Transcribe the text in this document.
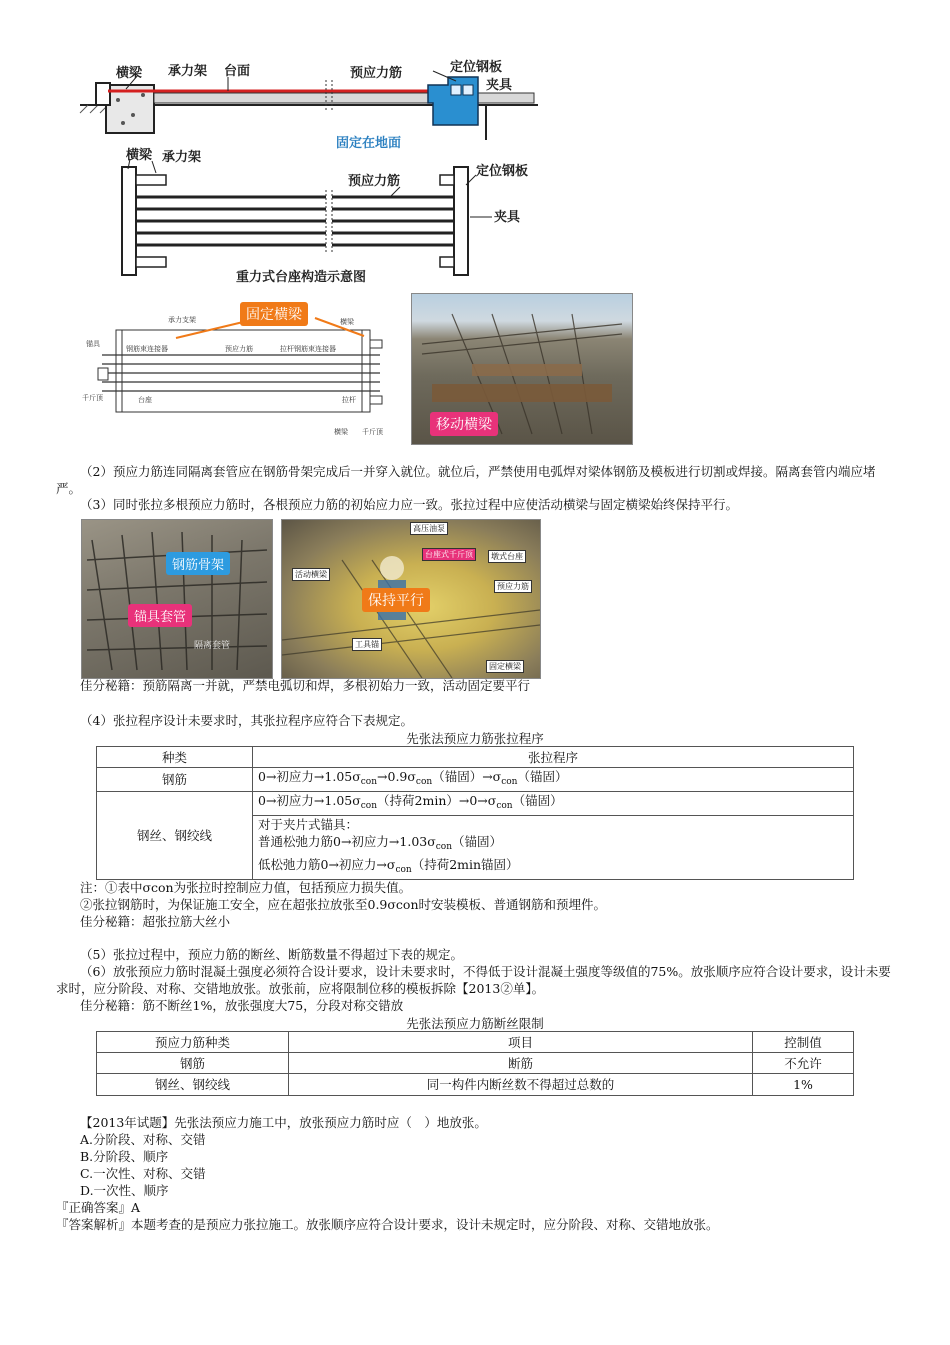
横梁 承力架 台面	预应力筋	定位钢板
夹具
固定在地面
横梁 承力架
预应力筋
定位钢板
夹具
重力式台座构造示意图
承力支架	横梁
锚具
钢筋束连接器	预应力筋	拉杆钢筋束连接器
千斤顶	台座	拉杆
横梁 千斤顶
固定横梁
移动横梁
（2）预应力筋连同隔离套管应在钢筋骨架完成后一并穿入就位。就位后，严禁使用电弧焊对梁体钢筋及模板进行切割或焊接。隔离套管内端应堵严。
（3）同时张拉多根预应力筋时，各根预应力筋的初始应力应一致。张拉过程中应使活动横梁与固定横梁始终保持平行。
钢筋骨架
锚具套管
隔离套管
保持平行
高压油泵
台座式千斤顶	墩式台座
活动横梁
预应力筋
工具锚
固定横梁
佳分秘籍：预筋隔离一并就，严禁电弧切和焊，多根初始力一致，活动固定要平行
（4）张拉程序设计未要求时，其张拉程序应符合下表规定。
先张法预应力筋张拉程序
种类	张拉程序
钢筋	0→初应力$\to 1.05\sigma_{con}\to 0.9\sigma_{con}$（锚固）$\to\sigma_{con}$（锚固）
钢丝、钢绞线	0→初应力$\to 1.05\sigma_{con}$（持荷$2\min)\to 0\to\sigma_{con}$（锚固）

	对于夹片式锚具：
普通松弛力筋0→初应力$\to 1.03\sigma_{con}$（锚固）
低松弛力筋0→初应力$\to\sigma_{con}$（持荷2min锚固）
注：①表中σcon为张拉时控制应力值，包括预应力损失值。
②张拉钢筋时，为保证施工安全，应在超张拉放张至0.9σcon时安装模板、普通钢筋和预埋件。
佳分秘籍：超张拉筋大丝小
（5）张拉过程中，预应力筋的断丝、断筋数量不得超过下表的规定。
（6）放张预应力筋时混凝土强度必须符合设计要求，设计未要求时，不得低于设计混凝土强度等级值的75%。放张顺序应符合设计要求，设计未要求时，应分阶段、对称、交错地放张。放张前，应将限制位移的模板拆除【2013②单】。
佳分秘籍：筋不断丝1%，放张强度大75，分段对称交错放
先张法预应力筋断丝限制
预应力筋种类	项目	控制值
钢筋	断筋	不允许
钢丝、钢绞线	同一构件内断丝数不得超过总数的	1%
【2013年试题】先张法预应力施工中，放张预应力筋时应（　）地放张。
A.分阶段、对称、交错
B.分阶段、顺序
C.一次性、对称、交错
D.一次性、顺序
『正确答案』A
『答案解析』本题考查的是预应力张拉施工。放张顺序应符合设计要求，设计未规定时，应分阶段、对称、交错地放张。
